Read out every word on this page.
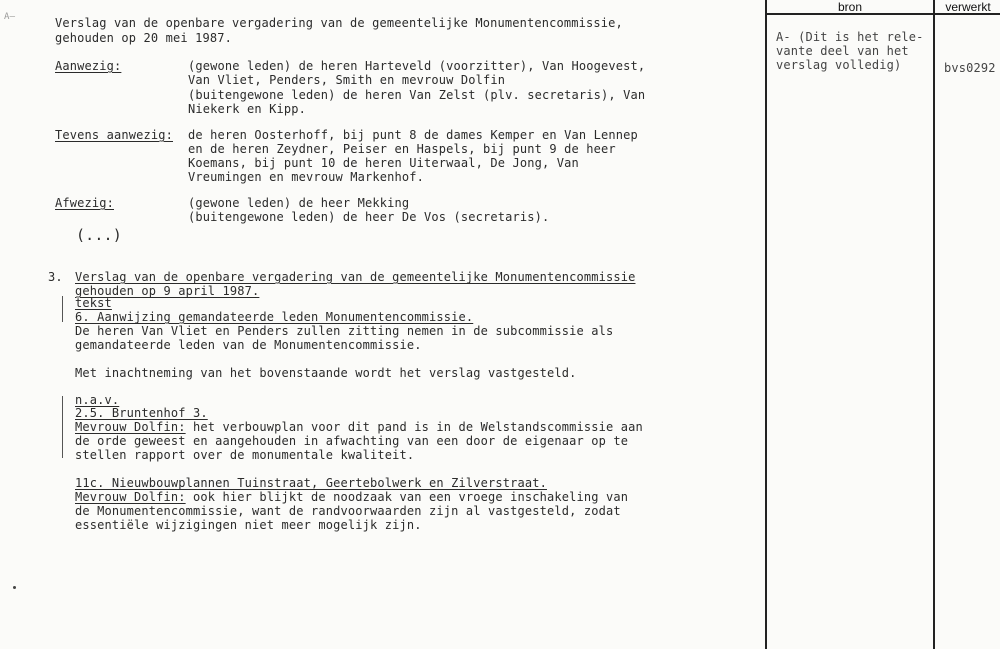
A—	Verslag van de openbare vergadering van de gemeentelijke Monumentencommissie,
gehouden op 20 mei 1987.
Aanwezig:	(gewone leden) de heren Harteveld (voorzitter), Van Hoogevest,
Van Vliet, Penders, Smith en mevrouw Dolfin
(buitengewone leden) de heren Van Zelst (plv. secretaris), Van
Niekerk en Kipp.
Tevens aanwezig: de heren Oosterhoff, bij punt 8 de dames Kemper en Van Lennep
en de heren Zeydner, Peiser en Haspels, bij punt 9 de heer
Koemans, bij punt 10 de heren Uiterwaal, De Jong, Van
Vreumingen en mevrouw Markenhof.
Afwezig:	(gewone leden) de heer Mekking
(buitengewone leden) de heer De Vos (secretaris).
(...)
3. Verslag van de openbare vergadering van de gemeentelijke Monumentencommissie
gehouden op 9 april 1987.
tekst
6. Aanwijzing gemandateerde leden Monumentencommissie.
De heren Van Vliet en Penders zullen zitting nemen in de subcommissie als
gemandateerde leden van de Monumentencommissie.
Met inachtneming van het bovenstaande wordt het verslag vastgesteld.
n.a.v.
2.5. Bruntenhof 3.
Mevrouw Dolfin: het verbouwplan voor dit pand is in de Welstandscommissie aan
de orde geweest en aangehouden in afwachting van een door de eigenaar op te
stellen rapport over de monumentale kwaliteit.
11c. Nieuwbouwplannen Tuinstraat, Geertebolwerk en Zilverstraat.
Mevrouw Dolfin: ook hier blijkt de noodzaak van een vroege inschakeling van
de Monumentencommissie, want de randvoorwaarden zijn al vastgesteld, zodat
essentiële wijzigingen niet meer mogelijk zijn.
bron	verwerkt
A- (Dit is het rele-
vante deel van het
verslag volledig)	bvs0292
